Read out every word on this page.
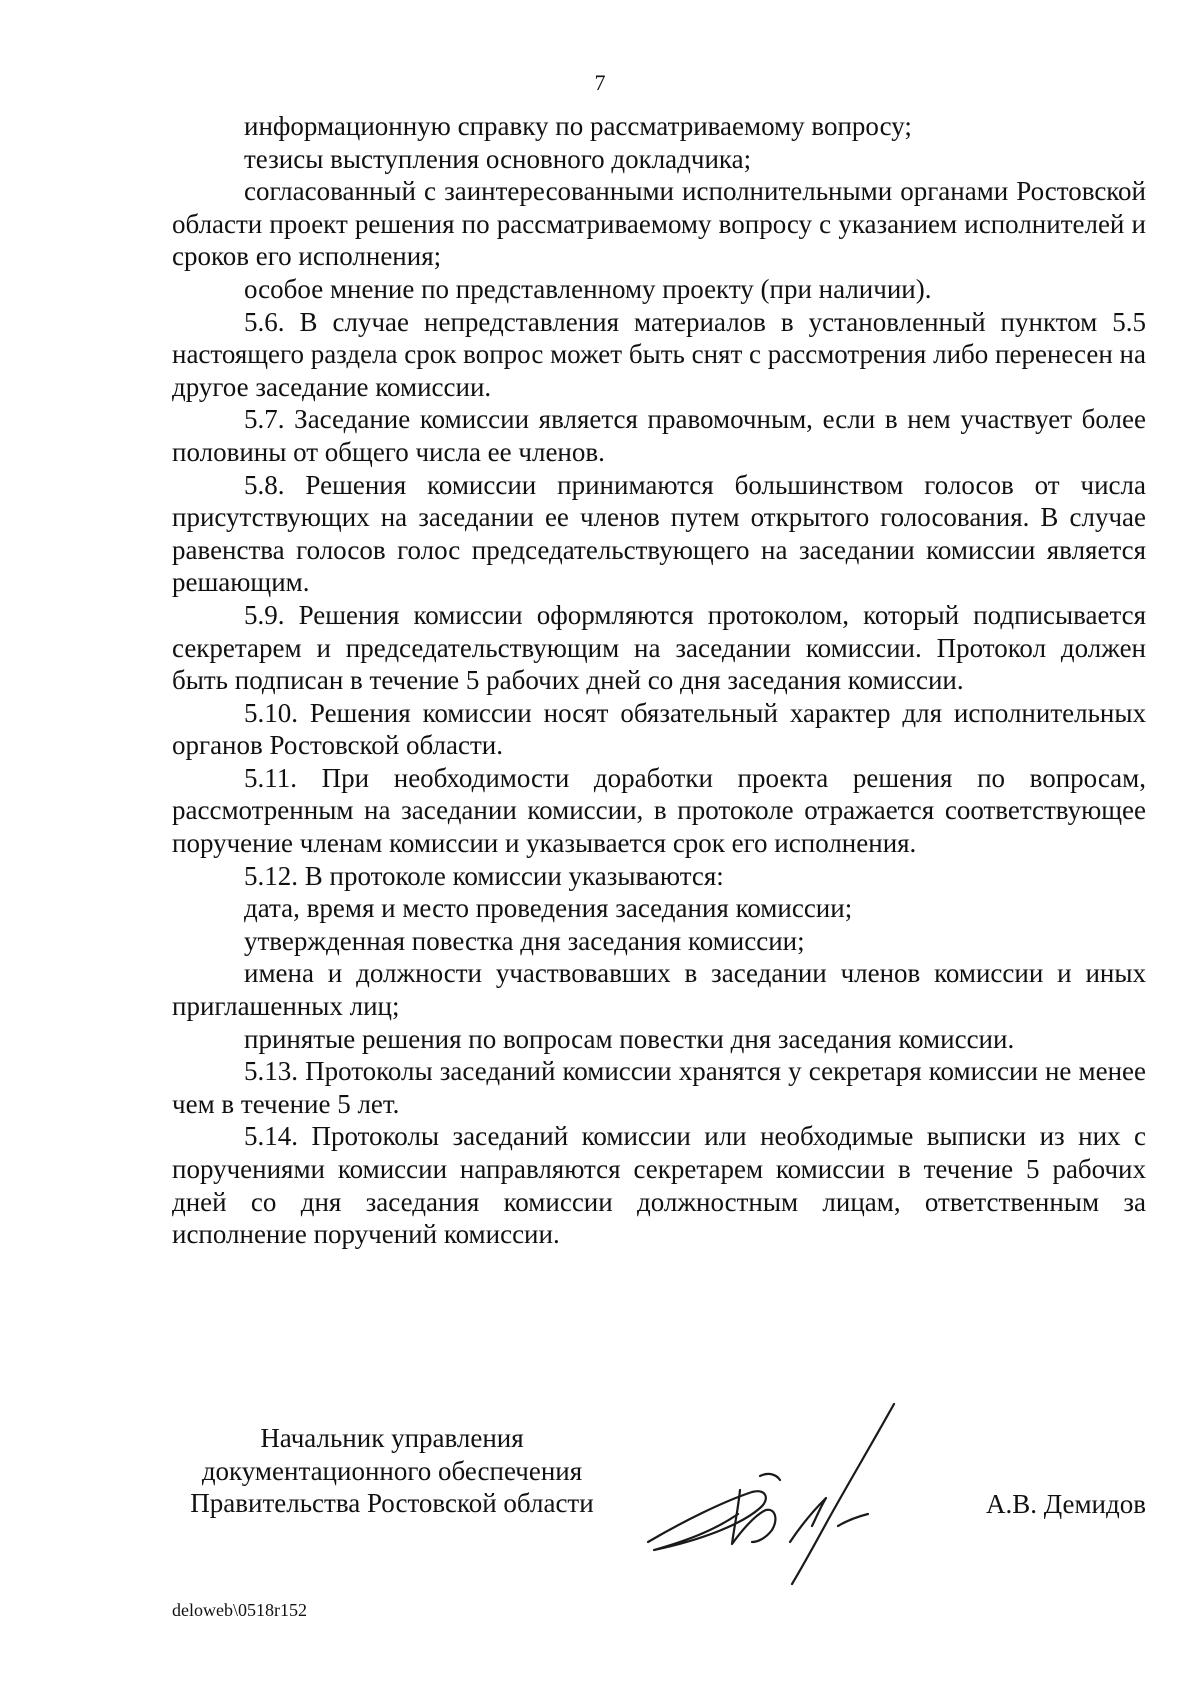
7

информационную справку по рассматриваемому вопросу;

тезисы выступления основного докладчика;

согласованный с заинтересованными исполнительными органами Ростовской области проект решения по рассматриваемому вопросу с указанием исполнителей и сроков его исполнения;

особое мнение по представленному проекту (при наличии).

5.6. В случае непредставления материалов в установленный пунктом 5.5 настоящего раздела срок вопрос может быть снят с рассмотрения либо перенесен на другое заседание комиссии.

5.7. Заседание комиссии является правомочным, если в нем участвует более половины от общего числа ее членов.

5.8. Решения комиссии принимаются большинством голосов от числа присутствующих на заседании ее членов путем открытого голосования. В случае равенства голосов голос председательствующего на заседании комиссии является решающим.

5.9. Решения комиссии оформляются протоколом, который подписывается секретарем и председательствующим на заседании комиссии. Протокол должен быть подписан в течение 5 рабочих дней со дня заседания комиссии.

5.10. Решения комиссии носят обязательный характер для исполнительных органов Ростовской области.

5.11. При необходимости доработки проекта решения по вопросам, рассмотренным на заседании комиссии, в протоколе отражается соответствующее поручение членам комиссии и указывается срок его исполнения.

5.12. В протоколе комиссии указываются:

дата, время и место проведения заседания комиссии;

утвержденная повестка дня заседания комиссии;

имена и должности участвовавших в заседании членов комиссии и иных приглашенных лиц;

принятые решения по вопросам повестки дня заседания комиссии.

5.13. Протоколы заседаний комиссии хранятся у секретаря комиссии не менее чем в течение 5 лет.

5.14. Протоколы заседаний комиссии или необходимые выписки из них с поручениями комиссии направляются секретарем комиссии в течение 5 рабочих дней со дня заседания комиссии должностным лицам, ответственным за исполнение поручений комиссии.

Начальник управления
документационного обеспечения
Правительства Ростовской области	А.В. Демидов
deloweb\0518r152
